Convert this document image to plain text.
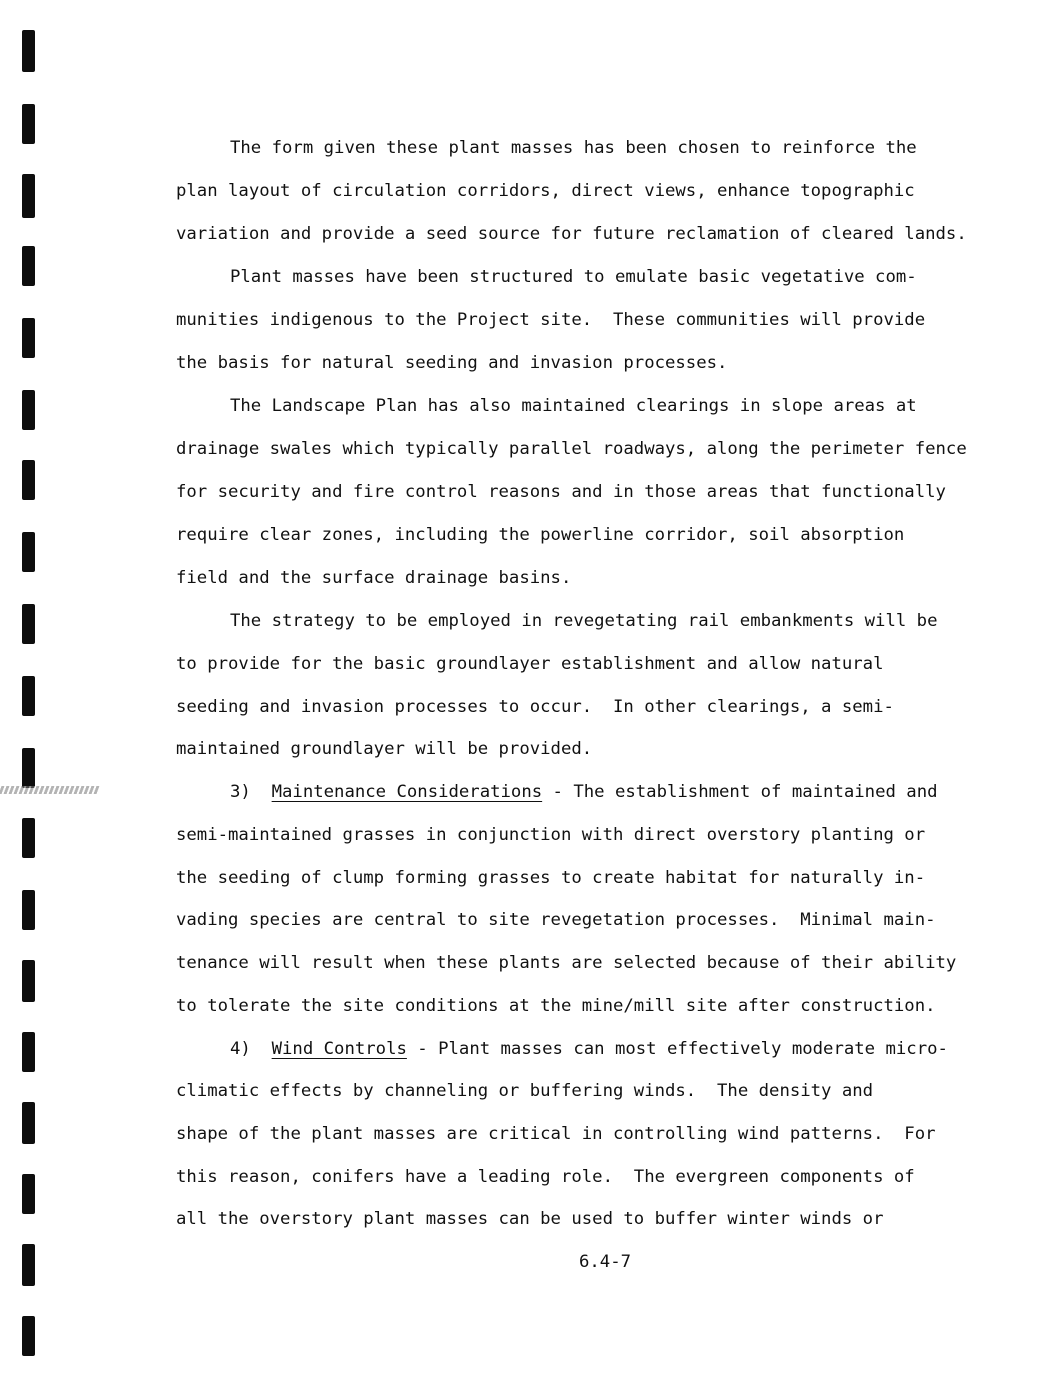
The form given these plant masses has been chosen to reinforce the
plan layout of circulation corridors, direct views, enhance topographic
variation and provide a seed source for future reclamation of cleared lands.
Plant masses have been structured to emulate basic vegetative com-
munities indigenous to the Project site.  These communities will provide
the basis for natural seeding and invasion processes.
The Landscape Plan has also maintained clearings in slope areas at
drainage swales which typically parallel roadways, along the perimeter fence
for security and fire control reasons and in those areas that functionally
require clear zones, including the powerline corridor, soil absorption
field and the surface drainage basins.
The strategy to be employed in revegetating rail embankments will be
to provide for the basic groundlayer establishment and allow natural
seeding and invasion processes to occur.  In other clearings, a semi-
maintained groundlayer will be provided.
3) Maintenance Considerations - The establishment of maintained and
semi-maintained grasses in conjunction with direct overstory planting or
the seeding of clump forming grasses to create habitat for naturally in-
vading species are central to site revegetation processes.  Minimal main-
tenance will result when these plants are selected because of their ability
to tolerate the site conditions at the mine/mill site after construction.
4) Wind Controls - Plant masses can most effectively moderate micro-
climatic effects by channeling or buffering winds.  The density and
shape of the plant masses are critical in controlling wind patterns.  For
this reason, conifers have a leading role.  The evergreen components of
all the overstory plant masses can be used to buffer winter winds or
6.4-7
